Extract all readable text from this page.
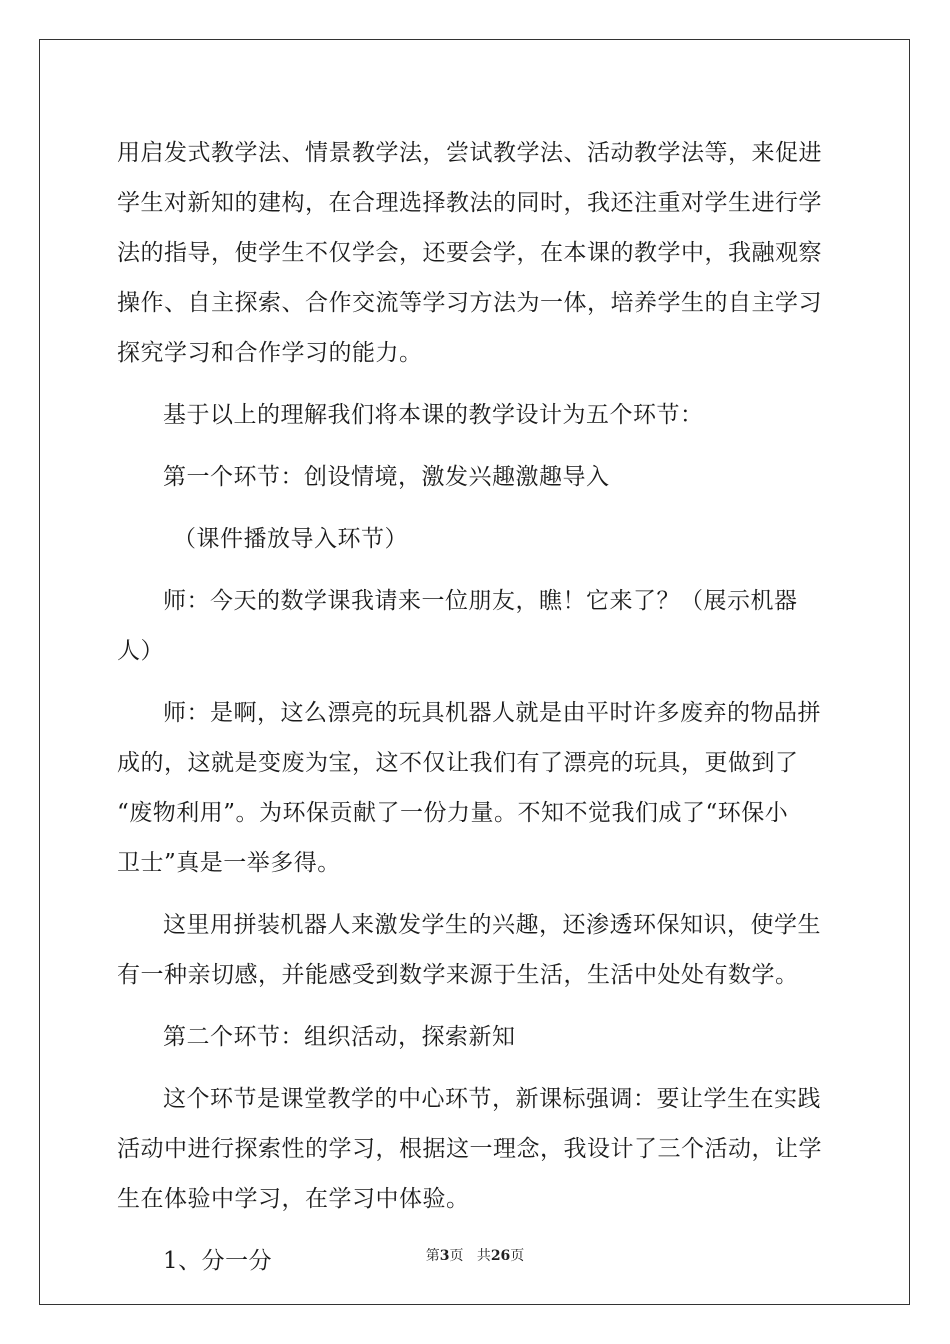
用启发式教学法、情景教学法，尝试教学法、活动教学法等，来促进
学生对新知的建构，在合理选择教法的同时，我还注重对学生进行学
法的指导，使学生不仅学会，还要会学，在本课的教学中，我融观察
操作、自主探索、合作交流等学习方法为一体，培养学生的自主学习
探究学习和合作学习的能力。
基于以上的理解我们将本课的教学设计为五个环节：
第一个环节：创设情境，激发兴趣激趣导入
（课件播放导入环节）
师：今天的数学课我请来一位朋友，瞧！它来了？（展示机器
人）
师：是啊，这么漂亮的玩具机器人就是由平时许多废弃的物品拼
成的，这就是变废为宝，这不仅让我们有了漂亮的玩具，更做到了
“废物利用”。为环保贡献了一份力量。不知不觉我们成了“环保小
卫士”真是一举多得。
这里用拼装机器人来激发学生的兴趣，还渗透环保知识，使学生
有一种亲切感，并能感受到数学来源于生活，生活中处处有数学。
第二个环节：组织活动，探索新知
这个环节是课堂教学的中心环节，新课标强调：要让学生在实践
活动中进行探索性的学习，根据这一理念，我设计了三个活动，让学
生在体验中学习，在学习中体验。
1、分一分	第3页 共26页
